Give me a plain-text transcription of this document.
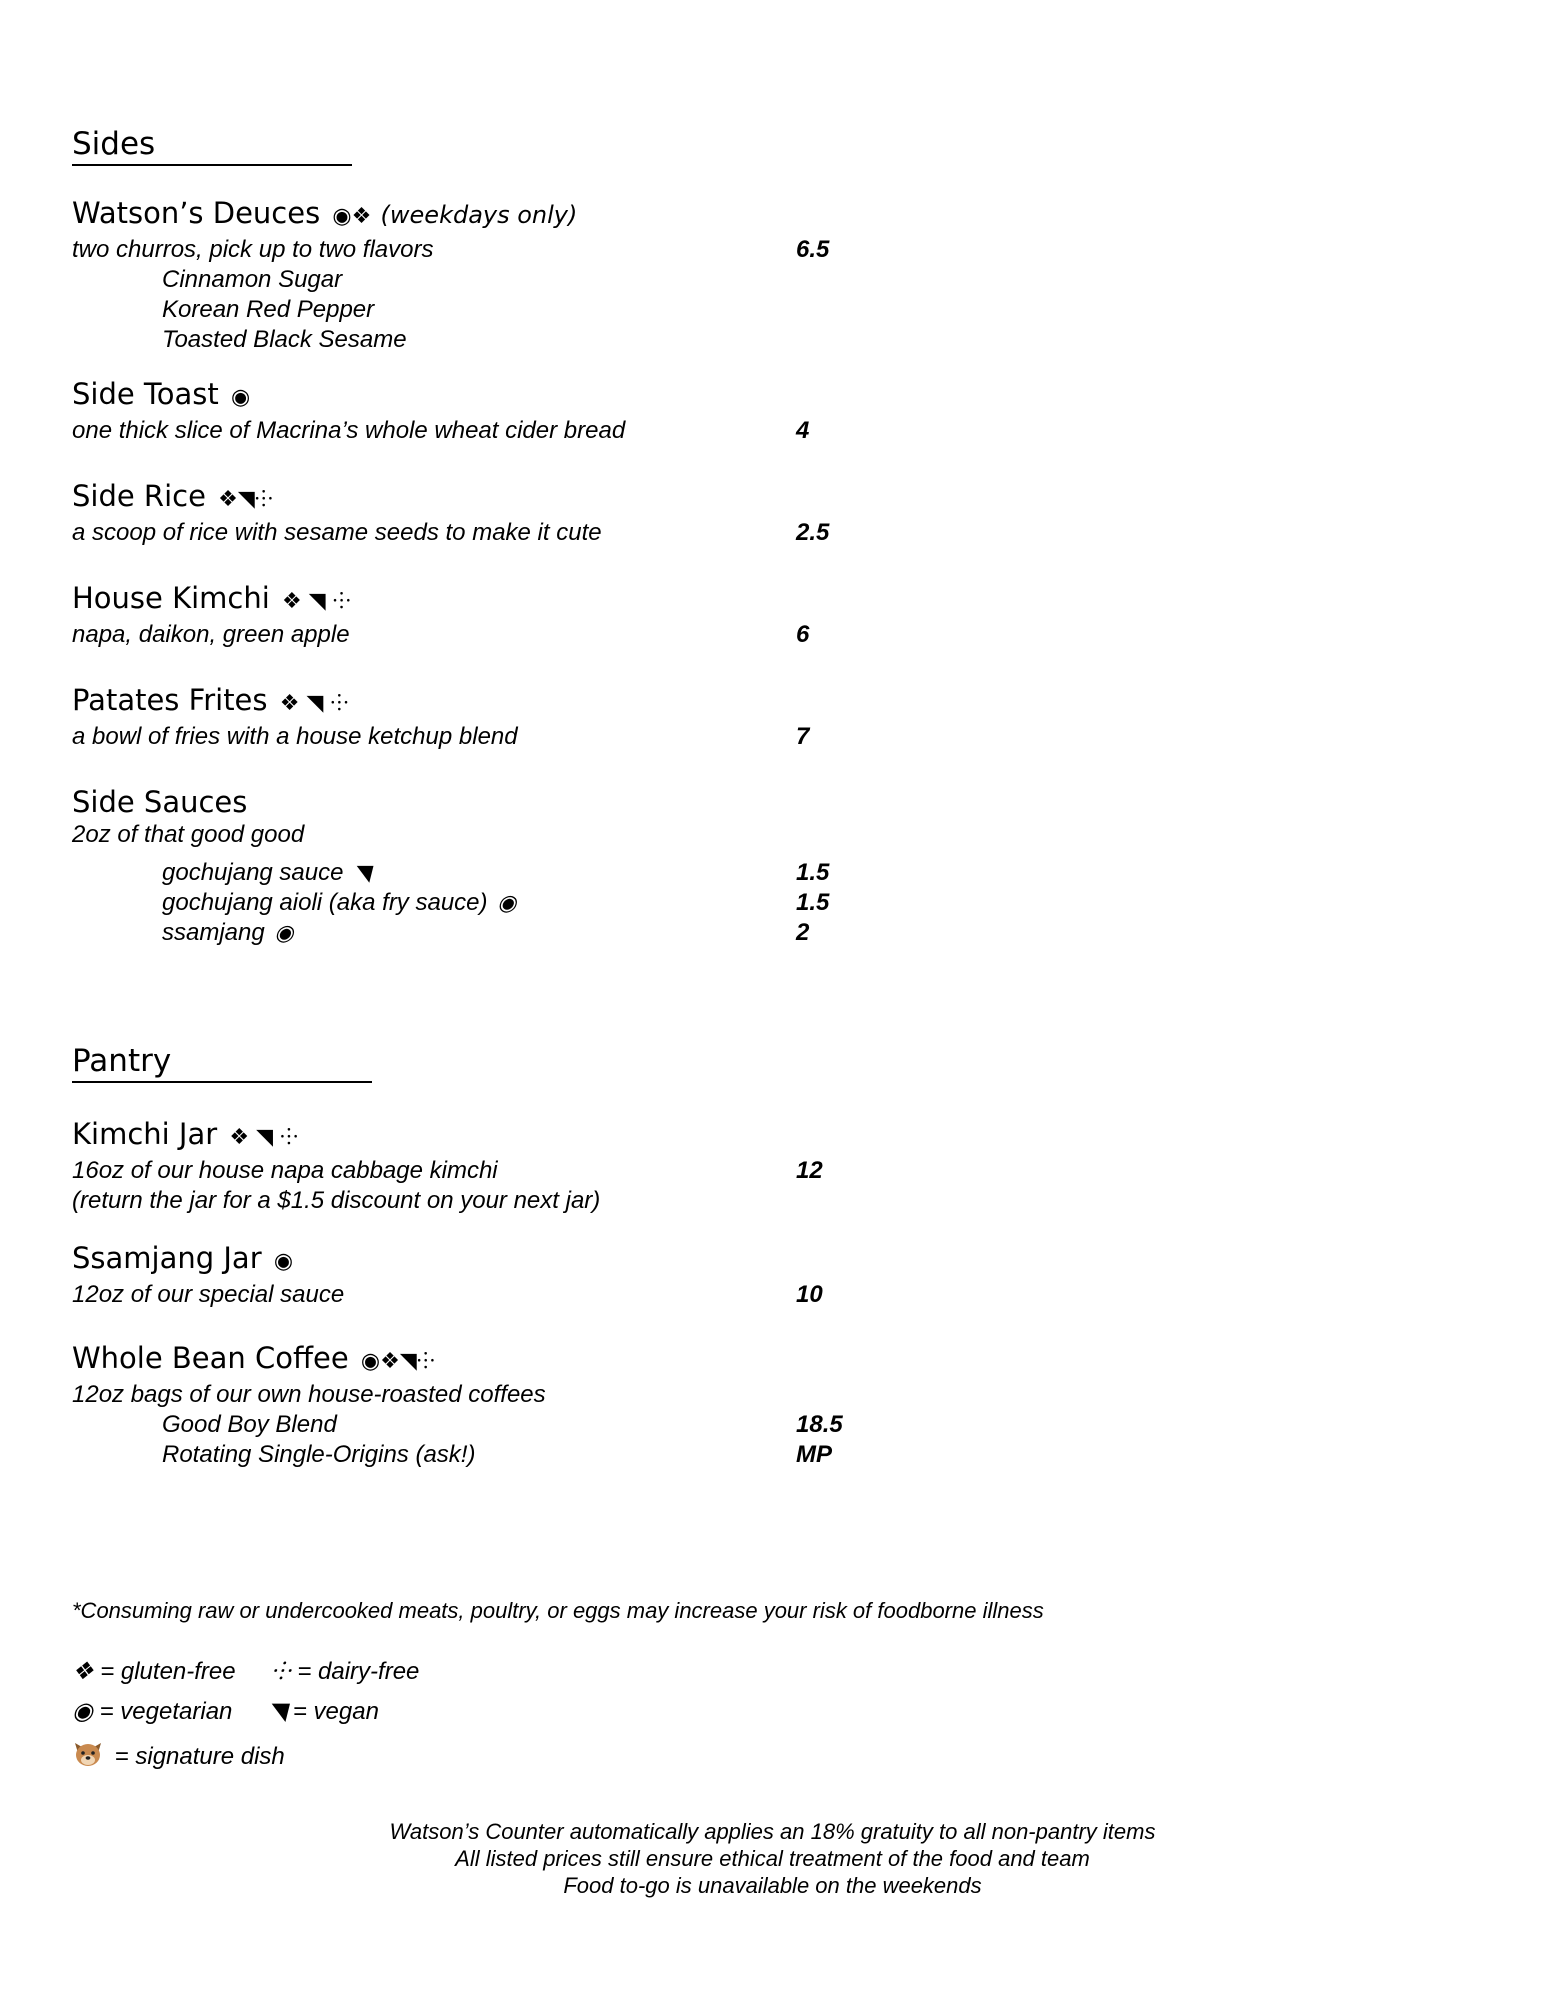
Sides
Watson’s Deuces ◉❖ (weekdays only)
two churros, pick up to two flavors	6.5
Cinnamon Sugar
Korean Red Pepper
Toasted Black Sesame
Side Toast ◉
one thick slice of Macrina’s whole wheat cider bread	4
Side Rice ❖◥⸭
a scoop of rice with sesame seeds to make it cute	2.5
House Kimchi ❖ ◥ ⸭
napa, daikon, green apple	6
Patates Frites ❖ ◥ ⸭
a bowl of fries with a house ketchup blend	7
Side Sauces
2oz of that good good
gochujang sauce ◥	1.5
gochujang aioli (aka fry sauce) ◉	1.5
ssamjang ◉	2
Pantry
Kimchi Jar ❖ ◥ ⸭
16oz of our house napa cabbage kimchi	12
(return the jar for a $1.5 discount on your next jar)
Ssamjang Jar ◉
12oz of our special sauce	10
Whole Bean Coffee ◉❖◥⸭
12oz bags of our own house-roasted coffees
Good Boy Blend	18.5
Rotating Single-Origins (ask!)	MP
*Consuming raw or undercooked meats, poultry, or eggs may increase your risk of foodborne illness
❖ = gluten-free ⸭ = dairy-free
◉ = vegetarian ◥ = vegan
= signature dish
Watson’s Counter automatically applies an 18% gratuity to all non-pantry items
All listed prices still ensure ethical treatment of the food and team
Food to-go is unavailable on the weekends
